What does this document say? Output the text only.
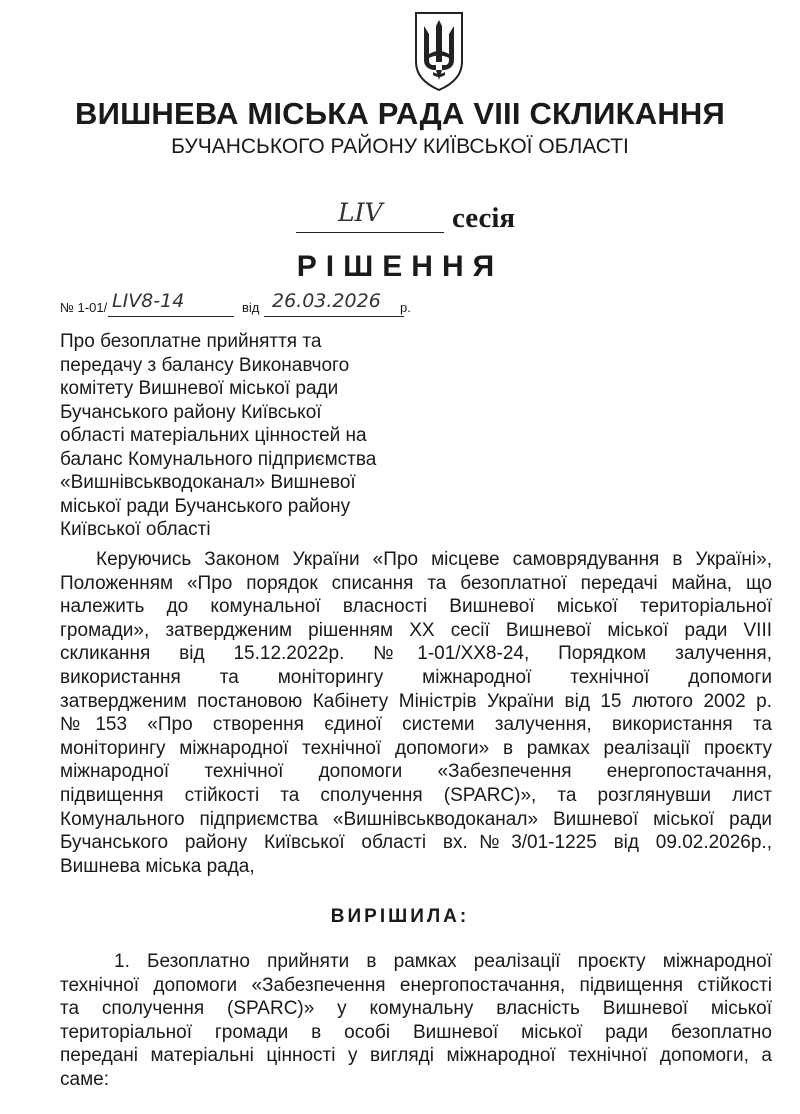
ВИШНЕВА МІСЬКА РАДА VIII СКЛИКАННЯ
БУЧАНСЬКОГО РАЙОНУ КИЇВСЬКОЇ ОБЛАСТІ
LIV сесія
РІШЕННЯ
№ 1-01/ LIV8-14	від 26.03.2026 р.
Про безоплатне прийняття та
передачу з балансу Виконавчого
комітету Вишневої міської ради
Бучанського району Київської
області матеріальних цінностей на
баланс Комунального підприємства
«Вишнівськводоканал» Вишневої
міської ради Бучанського району
Київської області
Керуючись Законом України «Про місцеве самоврядування в Україні»,
Положенням «Про порядок списання та безоплатної передачі майна, що
належить до комунальної власності Вишневої міської територіальної
громади», затвердженим рішенням ХХ сесії Вишневої міської ради VIII
скликання від 15.12.2022р. №1-01/XX8-24, Порядком залучення,
використання та моніторингу міжнародної технічної допомоги
затвердженим постановою Кабінету Міністрів України від 15 лютого 2002 р.
№153 «Про створення єдиної системи залучення, використання та
моніторингу міжнародної технічної допомоги» в рамках реалізації проєкту
міжнародної технічної допомоги «Забезпечення енергопостачання,
підвищення стійкості та сполучення (SPARC)», та розглянувши лист
Комунального підприємства «Вишнівськводоканал» Вишневої міської ради
Бучанського району Київської області вх.№3/01-1225 від 09.02.2026р.,
Вишнева міська рада,
ВИРІШИЛА:
1. Безоплатно прийняти в рамках реалізації проєкту міжнародної
технічної допомоги «Забезпечення енергопостачання, підвищення стійкості
та сполучення (SPARC)» у комунальну власність Вишневої міської
територіальної громади в особі Вишневої міської ради безоплатно
передані матеріальні цінності у вигляді міжнародної технічної допомоги, а
саме:
